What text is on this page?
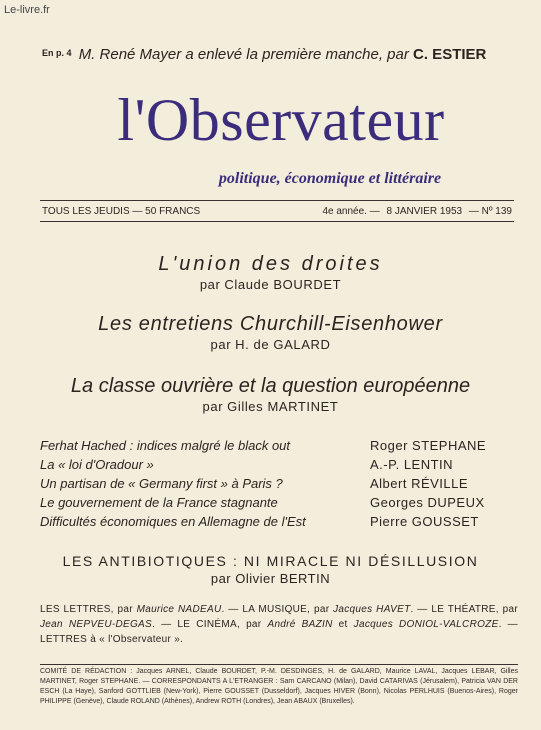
Le-livre.fr
$^{En p. 4}$ M. René Mayer a enlevé la première manche, par C. ESTIER
l'Observateur
politique, économique et littéraire
TOUS LES JEUDIS — 50 FRANCS	4e année. — 8 JANVIER 1953 — Nº 139
L'union des droites
par Claude BOURDET
Les entretiens Churchill-Eisenhower
par H. de GALARD
La classe ouvrière et la question européenne
par Gilles MARTINET
Ferhat Hached : indices malgré le black out	Roger STEPHANE
La « loi d'Oradour »	A.-P. LENTIN
Un partisan de « Germany first » à Paris ?	Albert RÉVILLE
Le gouvernement de la France stagnante	Georges DUPEUX
Difficultés économiques en Allemagne de l'Est	Pierre GOUSSET
LES ANTIBIOTIQUES : NI MIRACLE NI DÉSILLUSION
par Olivier BERTIN
LES LETTRES, par Maurice NADEAU. — LA MUSIQUE, par Jacques HAVET. — LE THÉATRE, par Jean NEPVEU-DEGAS. — LE CINÉMA, par André BAZIN et Jacques DONIOL-VALCROZE. — LETTRES à « l'Observateur ».
COMITÉ DE RÉDACTION : Jacques ARNEL, Claude BOURDET, P.-M. DESDINGES, H. de GALARD, Maurice LAVAL, Jacques LEBAR, Gilles MARTINET, Roger STEPHANE. — CORRESPONDANTS A L'ETRANGER : Sam CARCANO (Milan), David CATARIVAS (Jérusalem), Patricia VAN DER ESCH (La Haye), Sanford GOTTLIEB (New-York), Pierre GOUSSET (Dusseldorf), Jacques HIVER (Bonn), Nicolas PERLHUIS (Buenos-Aires), Roger PHILIPPE (Genève), Claude ROLAND (Athènes), Andrew ROTH (Londres), Jean ABAUX (Bruxelles).
